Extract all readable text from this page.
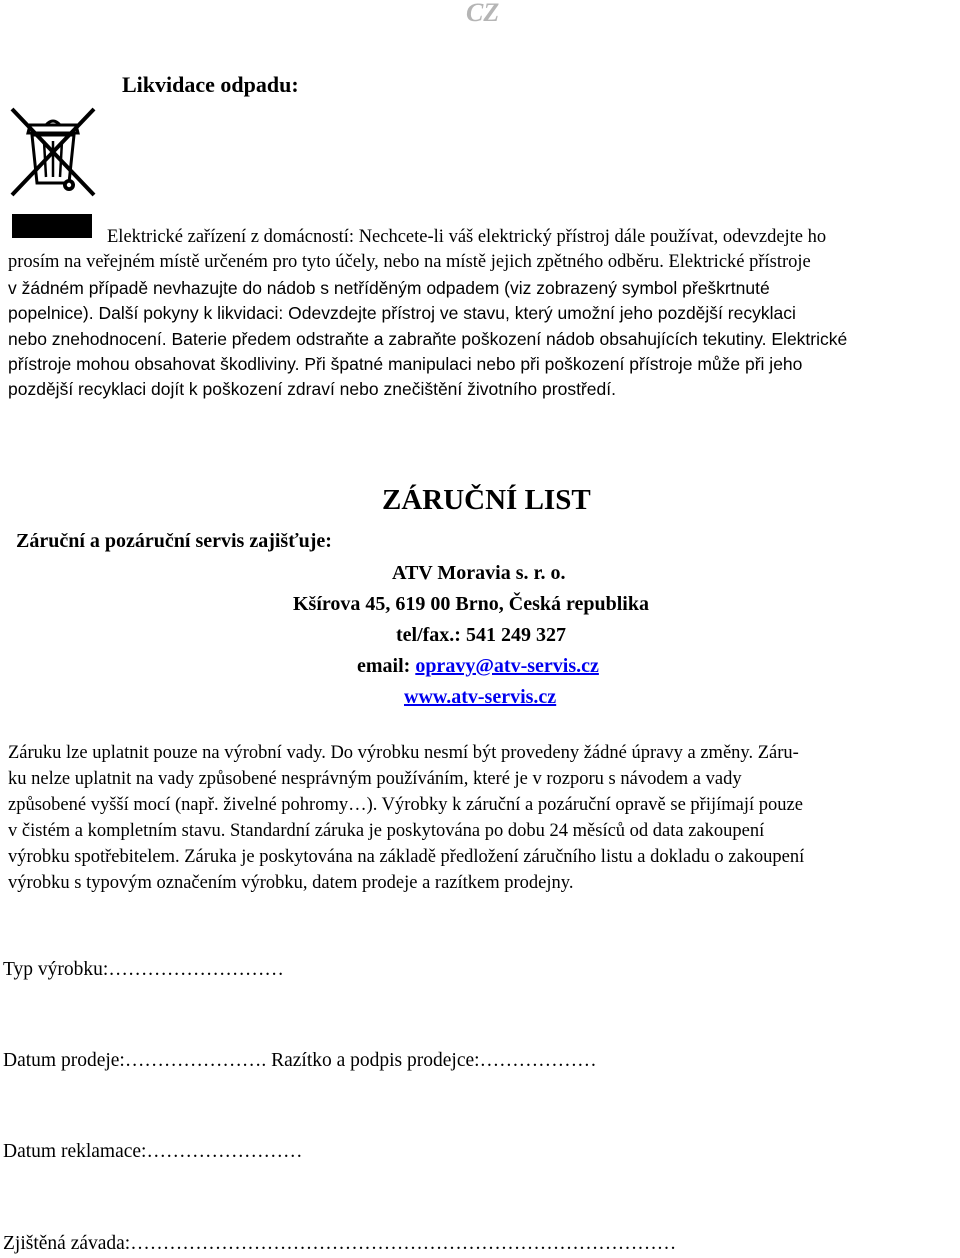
CZ
Likvidace odpadu:
Elektrické zařízení z domácností: Nechcete-li váš elektrický přístroj dále používat, odevzdejte ho
prosím na veřejném místě určeném pro tyto účely, nebo na místě jejich zpětného odběru. Elektrické přístroje
v žádném případě nevhazujte do nádob s netříděným odpadem (viz zobrazený symbol přeškrtnuté
popelnice). Další pokyny k likvidaci: Odevzdejte přístroj ve stavu, který umožní jeho pozdější recyklaci
nebo znehodnocení. Baterie předem odstraňte a zabraňte poškození nádob obsahujících tekutiny. Elektrické
přístroje mohou obsahovat škodliviny. Při špatné manipulaci nebo při poškození přístroje může při jeho
pozdější recyklaci dojít k poškození zdraví nebo znečištění životního prostředí.
ZÁRUČNÍ LIST
Záruční a pozáruční servis zajišťuje:
ATV Moravia s. r. o.
Kšírova 45, 619 00 Brno, Česká republika
tel/fax.: 541 249 327
email: opravy@atv-servis.cz
www.atv-servis.cz
Záruku lze uplatnit pouze na výrobní vady. Do výrobku nesmí být provedeny žádné úpravy a změny. Záru-
ku nelze uplatnit na vady způsobené nesprávným používáním, které je v rozporu s návodem a vady
způsobené vyšší mocí (např. živelné pohromy…). Výrobky k záruční a pozáruční opravě se přijímají pouze
v čistém a kompletním stavu. Standardní záruka je poskytována po dobu 24 měsíců od data zakoupení
výrobku spotřebitelem. Záruka je poskytována na základě předložení záručního listu a dokladu o zakoupení
výrobku s typovým označením výrobku, datem prodeje a razítkem prodejny.
Typ výrobku:………………………
Datum prodeje:…………………. Razítko a podpis prodejce:………………
Datum reklamace:……………………
Zjištěná závada:…………………………………………………………………………
